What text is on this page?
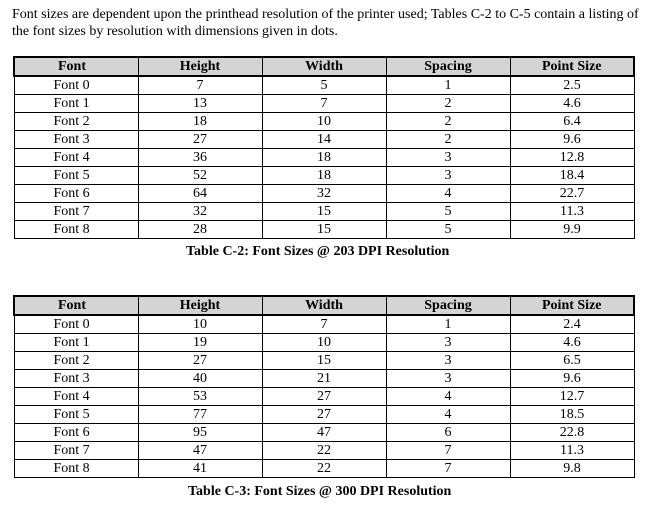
Font sizes are dependent upon the printhead resolution of the printer used; Tables C-2 to C-5 contain a listing of the font sizes by resolution with dimensions given in dots.

Font	Height	Width	Spacing	Point Size
Font 0	7	5	1	2.5
Font 1	13	7	2	4.6
Font 2	18	10	2	6.4
Font 3	27	14	2	9.6
Font 4	36	18	3	12.8
Font 5	52	18	3	18.4
Font 6	64	32	4	22.7
Font 7	32	15	5	11.3
Font 8	28	15	5	9.9

Table C-2: Font Sizes @ 203 DPI Resolution

Font	Height	Width	Spacing	Point Size
Font 0	10	7	1	2.4
Font 1	19	10	3	4.6
Font 2	27	15	3	6.5
Font 3	40	21	3	9.6
Font 4	53	27	4	12.7
Font 5	77	27	4	18.5
Font 6	95	47	6	22.8
Font 7	47	22	7	11.3
Font 8	41	22	7	9.8

Table C-3: Font Sizes @ 300 DPI Resolution
